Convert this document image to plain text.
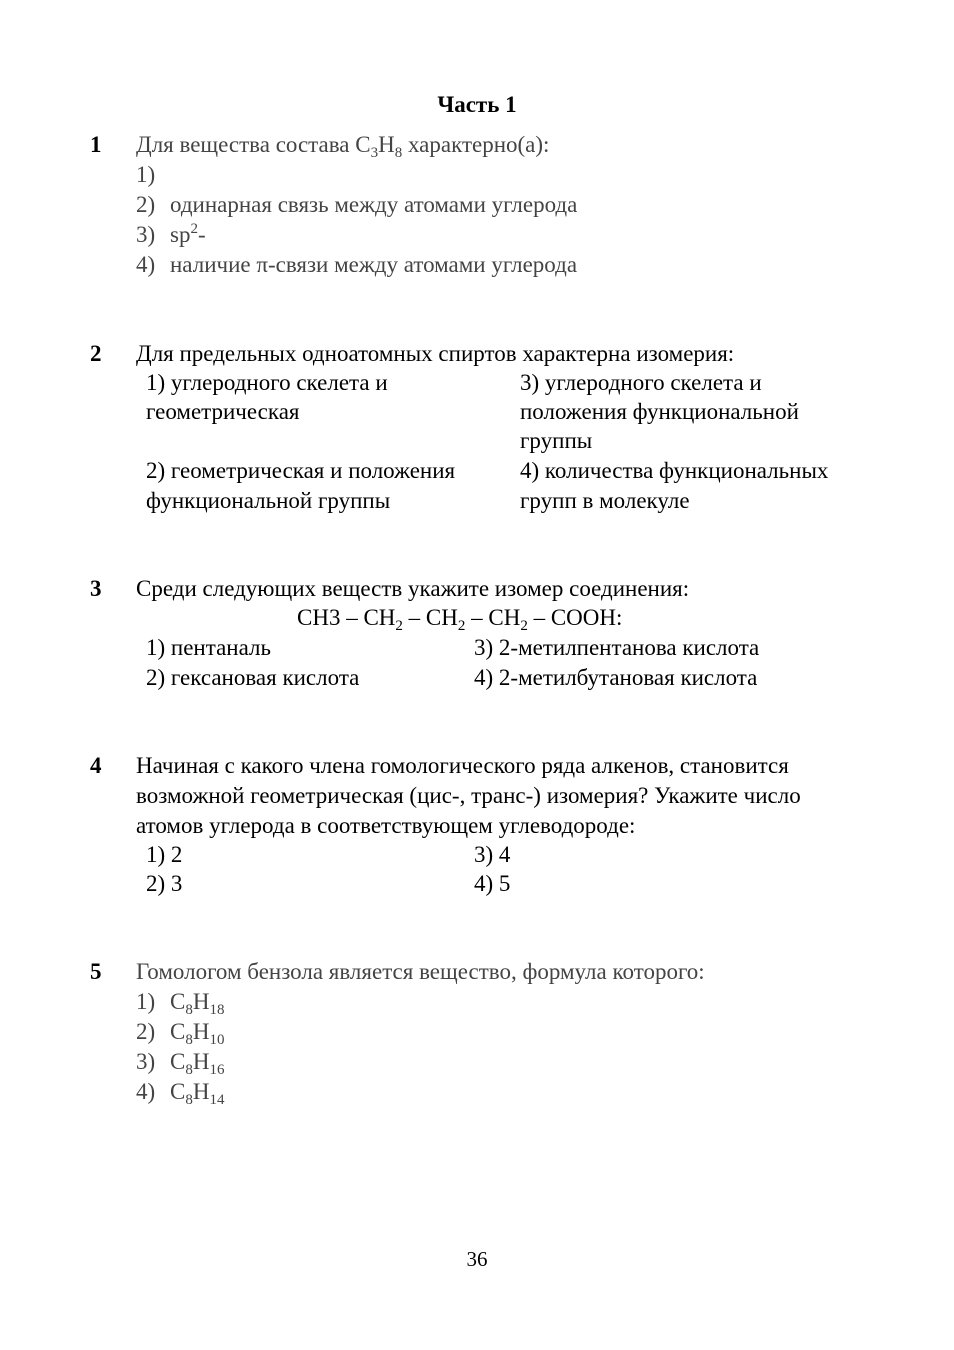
Часть 1
1 Для вещества состава $C_3H_8$ характерно(а):
1)
2) одинарная связь между атомами углерода
3) $sp^2-$
4) наличие π-связи между атомами углерода
2 Для предельных одноатомных спиртов характерна изомерия:
1) углеродного скелета и
геометрическая
3) углеродного скелета и
положения функциональной
группы
2) геометрическая и положения
функциональной группы
4) количества функциональных
групп в молекуле
3 Среди следующих веществ укажите изомер соединения:
$CH3 - CH_2 - CH_2 - CH_2$ – COOH:
1) пентаналь
2) гексановая кислота
3) 2-метилпентанова кислота
4) 2-метилбутановая кислота
4 Начиная с какого члена гомологического ряда алкенов, становится
возможной геометрическая (цис-, транс-) изомерия? Укажите число
атомов углерода в соответствующем углеводороде:
1) 2
2) 3
3) 4
4) 5
5 Гомологом бензола является вещество, формула которого:
1) $C_8H_{18}$
2) $C_8H_{10}$
3) $C_8H_{16}$
4) $C_8H_{14}$
36
